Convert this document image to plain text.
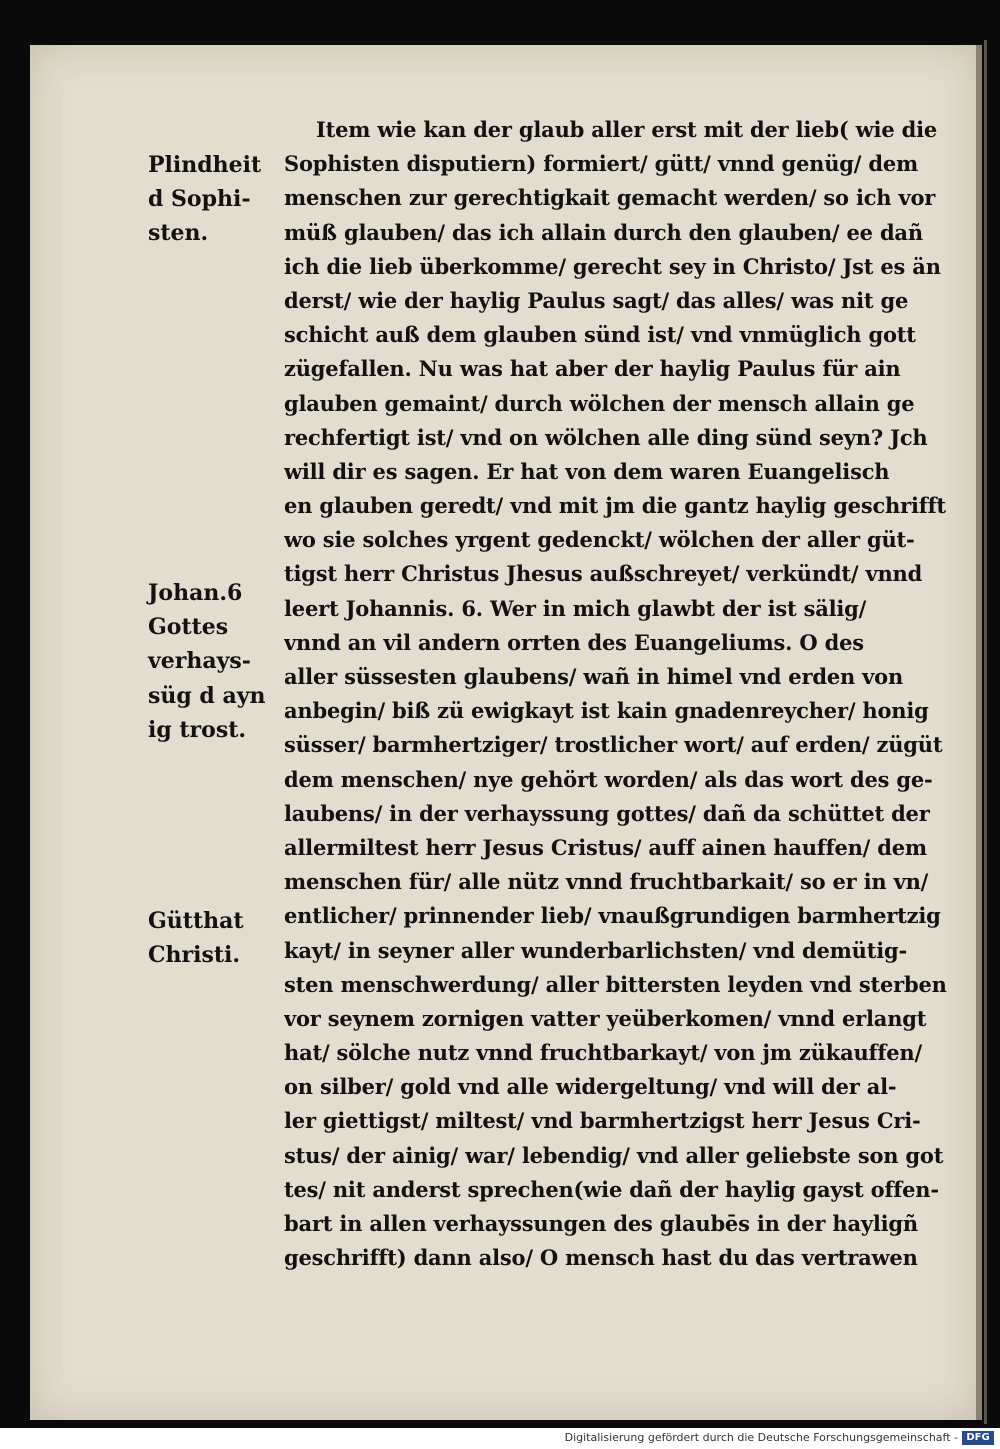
Plindheit
d Sophi-
sten.
Johan.6
Gottes
verhays-
süg d ayn
ig trost.
Gütthat
Christi.
Item wie kan der glaub aller erst mit der lieb( wie die
Sophisten disputiern) formiert/ gütt/ vnnd genüg/ dem
menschen zur gerechtigkait gemacht werden/ so ich vor
müß glauben/ das ich allain durch den glauben/ ee dañ
ich die lieb überkomme/ gerecht sey in Christo/ Jst es än
derst/ wie der haylig Paulus sagt/ das alles/ was nit ge
schicht auß dem glauben sünd ist/ vnd vnmüglich gott
zügefallen. Nu was hat aber der haylig Paulus für ain
glauben gemaint/ durch wölchen der mensch allain ge
rechfertigt ist/ vnd on wölchen alle ding sünd seyn? Jch
will dir es sagen. Er hat von dem waren Euangelisch
en glauben geredt/ vnd mit jm die gantz haylig geschrifft
wo sie solches yrgent gedenckt/ wölchen der aller güt-
tigst herr Christus Jhesus außschreyet/ verkündt/ vnnd
leert Johannis. 6. Wer in mich glawbt der ist sälig/
vnnd an vil andern orrten des Euangeliums. O des
aller süssesten glaubens/ wañ in himel vnd erden von
anbegin/ biß zü ewigkayt ist kain gnadenreycher/ honig
süsser/ barmhertziger/ trostlicher wort/ auf erden/ zügüt
dem menschen/ nye gehört worden/ als das wort des ge-
laubens/ in der verhayssung gottes/ dañ da schüttet der
allermiltest herr Jesus Cristus/ auff ainen hauffen/ dem
menschen für/ alle nütz vnnd fruchtbarkait/ so er in vn/
entlicher/ prinnender lieb/ vnaußgrundigen barmhertzig
kayt/ in seyner aller wunderbarlichsten/ vnd demütig-
sten menschwerdung/ aller bittersten leyden vnd sterben
vor seynem zornigen vatter yeüberkomen/ vnnd erlangt
hat/ sölche nutz vnnd fruchtbarkayt/ von jm zükauffen/
on silber/ gold vnd alle widergeltung/ vnd will der al-
ler giettigst/ miltest/ vnd barmhertzigst herr Jesus Cri-
stus/ der ainig/ war/ lebendig/ vnd aller geliebste son got
tes/ nit anderst sprechen(wie dañ der haylig gayst offen-
bart in allen verhayssungen des glaubēs in der hayligñ
geschrifft) dann also/ O mensch hast du das vertrawen
Digitalisierung gefördert durch die Deutsche Forschungsgemeinschaft - DFG
